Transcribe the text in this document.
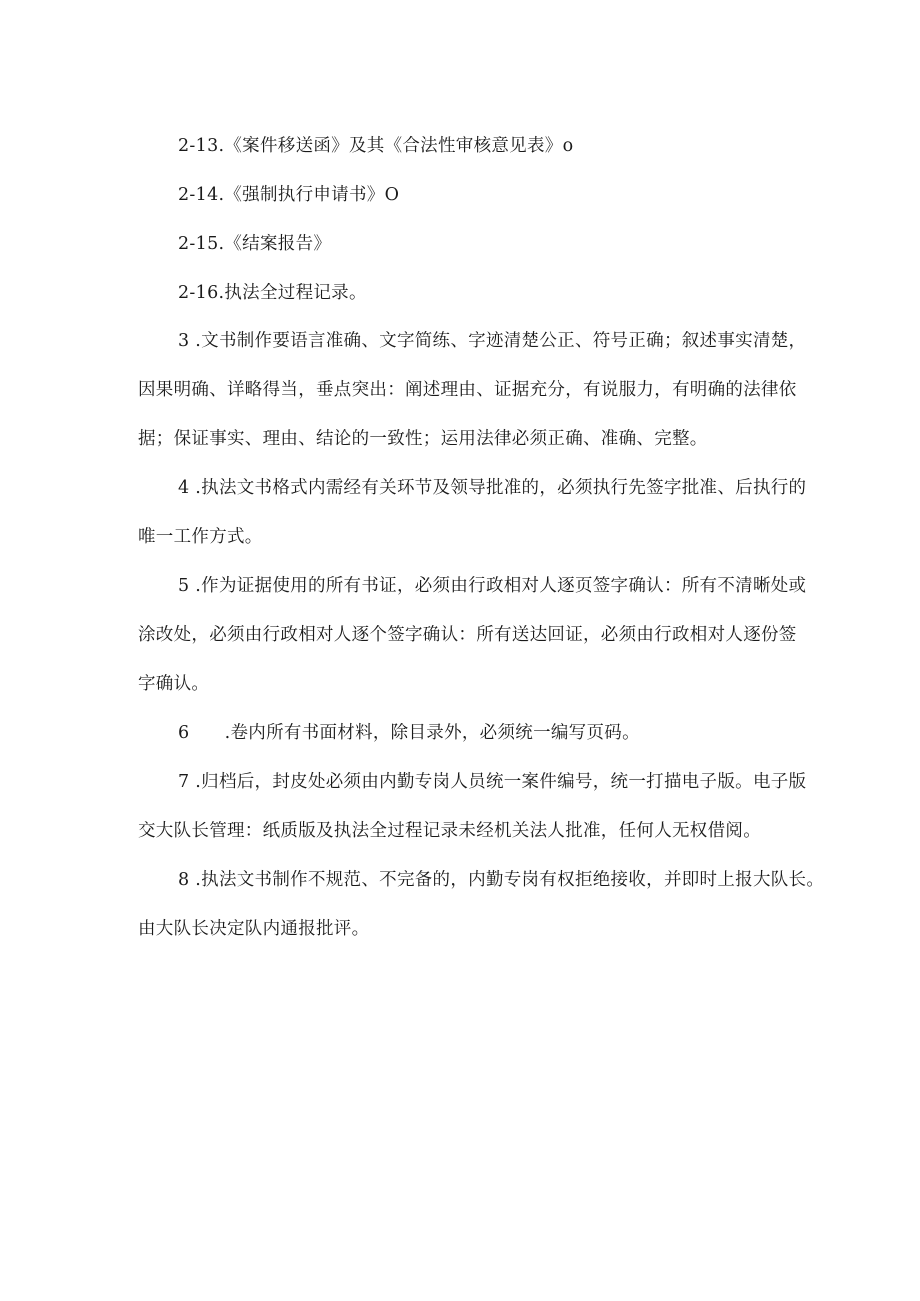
2-13.《案件移送函》及其《合法性审核意见表》o
2-14.《强制执行申请书》O
2-15.《结案报告》
2-16.执法全过程记录。
3 .文书制作要语言准确、文字简练、字迹清楚公正、符号正确；叙述事实清楚，
因果明确、详略得当，垂点突出：阐述理由、证据充分，有说服力，有明确的法律依
据；保证事实、理由、结论的一致性；运用法律必须正确、准确、完整。
4 .执法文书格式内需经有关环节及领导批准的，必须执行先签字批准、后执行的
唯一工作方式。
5 .作为证据使用的所有书证，必须由行政相对人逐页签字确认：所有不清晰处或
涂改处，必须由行政相对人逐个签字确认：所有送达回证，必须由行政相对人逐份签
字确认。
6      .卷内所有书面材料，除目录外，必须统一编写页码。
7 .归档后，封皮处必须由内勤专岗人员统一案件编号，统一打描电子版。电子版
交大队长管理：纸质版及执法全过程记录未经机关法人批准，任何人无权借阅。
8 .执法文书制作不规范、不完备的，内勤专岗有权拒绝接收，并即时上报大队长。
由大队长决定队内通报批评。
